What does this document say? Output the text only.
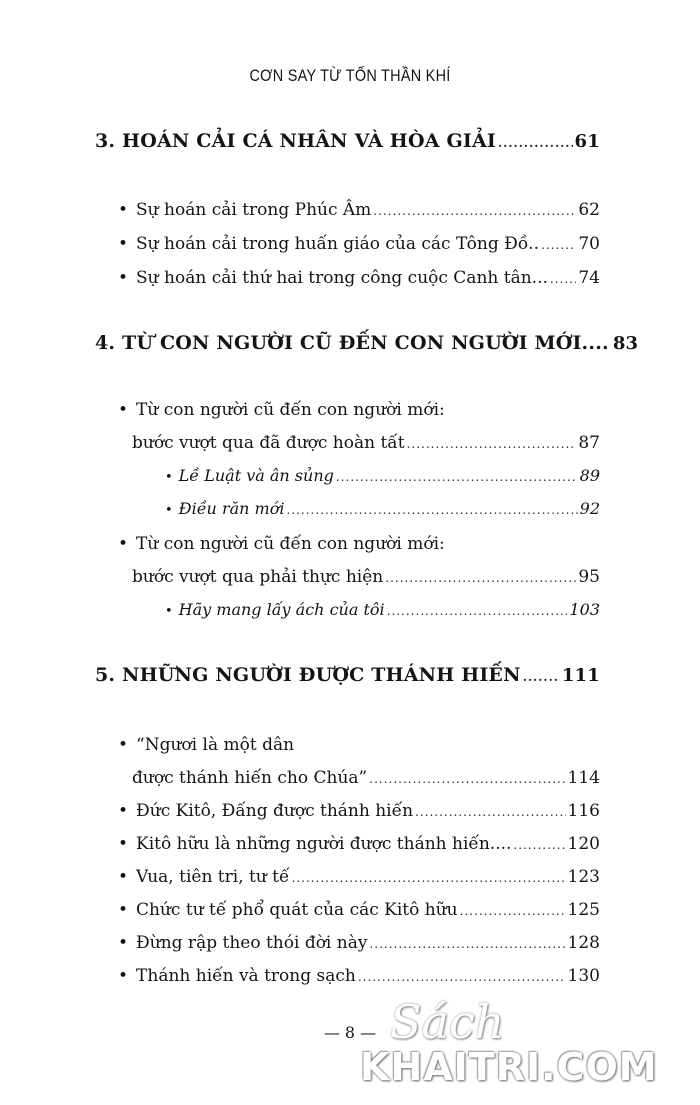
CƠN SAY TỪ TỐN THẦN KHÍ
3. HOÁN CẢI CÁ NHÂN VÀ HÒA GIẢI .....	61
• Sự hoán cải trong Phúc Âm .....	62
• Sự hoán cải trong huấn giáo của các Tông Đồ.. ..... 70
• Sự hoán cải thứ hai trong công cuộc Canh tân... ..... 74
4. TỪ CON NGƯỜI CŨ ĐẾN CON NGƯỜI MỚI.... 83
• Từ con người cũ đến con người mới:
bước vượt qua đã được hoàn tất .....	87
• Lề Luật và ân sủng .....	89
• Điều răn mới .....	92
• Từ con người cũ đến con người mới:
bước vượt qua phải thực hiện .....	95
• Hãy mang lấy ách của tôi .....	103
5. NHỮNG NGƯỜI ĐƯỢC THÁNH HIẾN ..... 111
• “Ngươi là một dân
được thánh hiến cho Chúa” .....	114
• Đức Kitô, Đấng được thánh hiến .....	116
• Kitô hữu là những người được thánh hiến.... .....	120
• Vua, tiên tri, tư tế .....	123
• Chức tư tế phổ quát của các Kitô hữu .....	125
• Đừng rập theo thói đời này .....	128
• Thánh hiến và trong sạch .....	130
— 8 — Sách
KHAITRI.COM
